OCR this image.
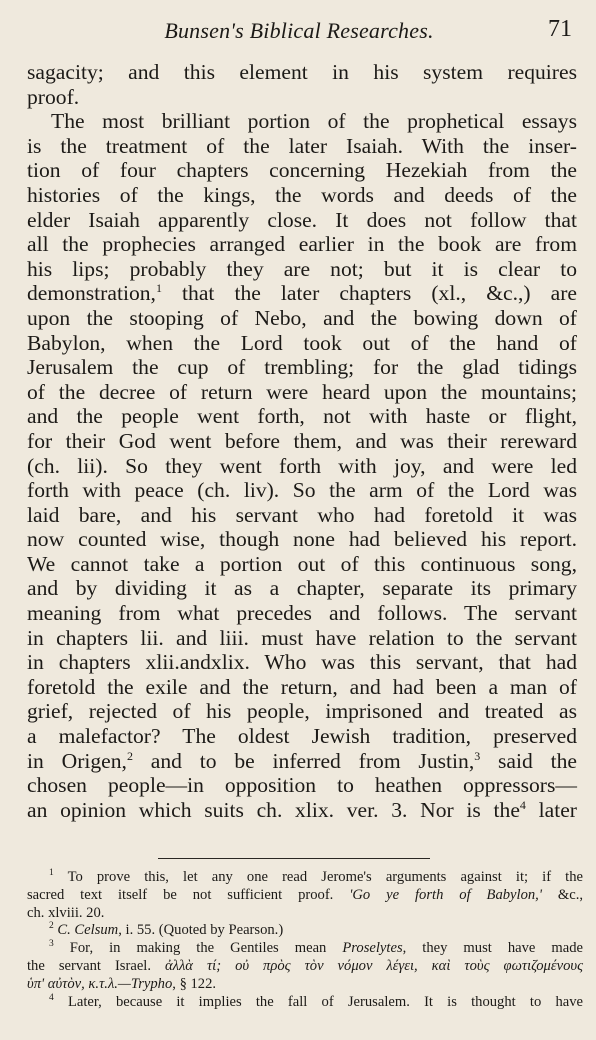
Bunsen's Biblical Researches.	71
sagacity; and this element in his system requires
proof.
The most brilliant portion of the prophetical essays
is the treatment of the later Isaiah. With the inser-
tion of four chapters concerning Hezekiah from the
histories of the kings, the words and deeds of the
elder Isaiah apparently close. It does not follow that
all the prophecies arranged earlier in the book are from
his lips; probably they are not; but it is clear to
demonstration,$^1$ that the later chapters (xl., &c.,) are
upon the stooping of Nebo, and the bowing down of
Babylon, when the Lord took out of the hand of
Jerusalem the cup of trembling; for the glad tidings
of the decree of return were heard upon the mountains;
and the people went forth, not with haste or flight,
for their God went before them, and was their rereward
(ch. lii). So they went forth with joy, and were led
forth with peace (ch. liv). So the arm of the Lord was
laid bare, and his servant who had foretold it was
now counted wise, though none had believed his report.
We cannot take a portion out of this continuous song,
and by dividing it as a chapter, separate its primary
meaning from what precedes and follows. The servant
in chapters lii. and liii. must have relation to the servant
in chapters xlii.andxlix. Who was this servant, that had
foretold the exile and the return, and had been a man of
grief, rejected of his people, imprisoned and treated as
a malefactor? The oldest Jewish tradition, preserved
in Origen,$^2$ and to be inferred from Justin,$^3$ said the
chosen people—in opposition to heathen oppressors—
an opinion which suits ch. xlix. ver. 3. Nor is the$^4$ later
$^1$ To prove this, let any one read Jerome's arguments against it; if the
sacred text itself be not sufficient proof. 'Go ye forth of Babylon,' &c.,
ch. xlviii. 20.
$^2$ C. Celsum, i. 55. (Quoted by Pearson.)
$^3$ For, in making the Gentiles mean Proselytes, they must have made
the servant Israel. ἀλλὰ τί; οὐ πρὸς τὸν νόμον λέγει, καὶ τοὺς φωτιζομένους
ὑπ' αὐτὸν, κ.τ.λ.—Trypho, § 122.
$^4$ Later, because it implies the fall of Jerusalem. It is thought to have
